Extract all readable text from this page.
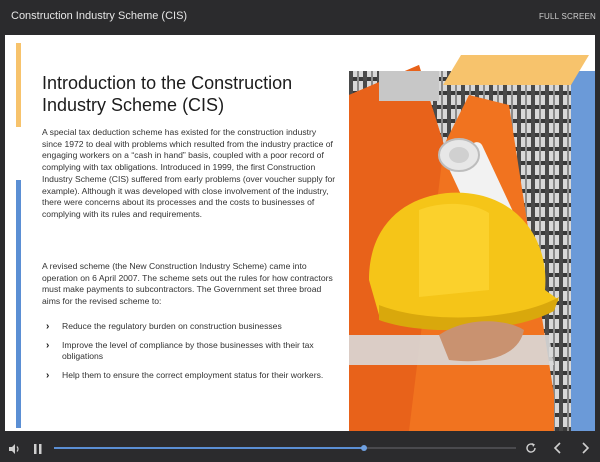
Construction Industry Scheme (CIS)	FULL SCREEN
Introduction to the Construction Industry Scheme (CIS)

A special tax deduction scheme has existed for the construction industry since 1972 to deal with problems which resulted from the industry practice of engaging workers on a “cash in hand” basis, coupled with a poor record of complying with tax obligations. Introduced in 1999, the first Construction Industry Scheme (CIS) suffered from early problems (over voucher supply for example). Although it was developed with close involvement of the industry, there were concerns about its processes and the costs to businesses of complying with its rules and requirements.

A revised scheme (the New Construction Industry Scheme) came into operation on 6 April 2007. The scheme sets out the rules for how contractors must make payments to subcontractors. The Government set three broad aims for the revised scheme to:

› Reduce the regulatory burden on construction businesses
› Improve the level of compliance by those businesses with their tax obligations
› Help them to ensure the correct employment status for their workers.
